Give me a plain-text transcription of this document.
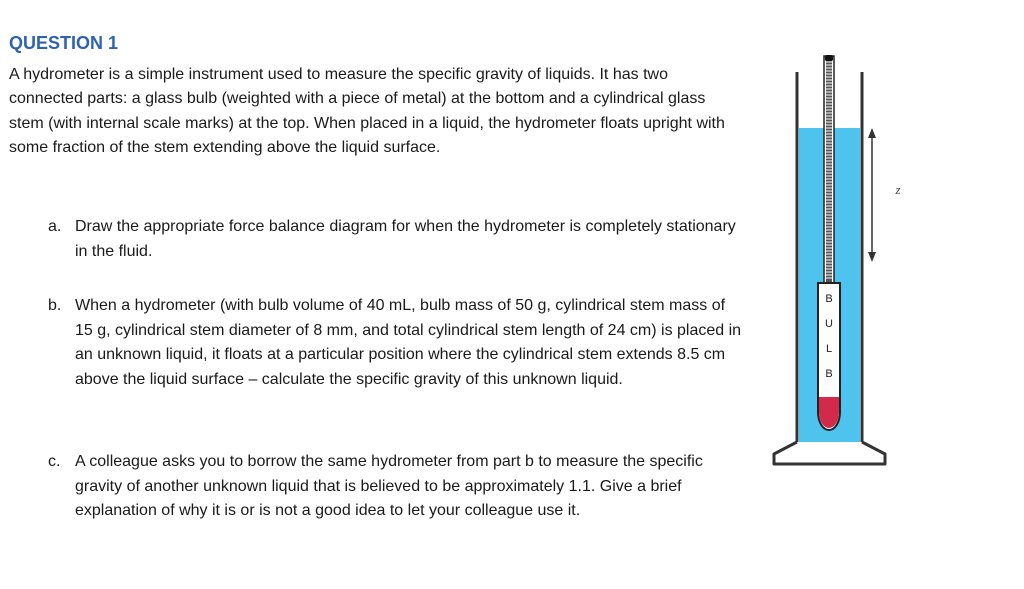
QUESTION 1
A hydrometer is a simple instrument used to measure the specific gravity of liquids. It has two connected parts: a glass bulb (weighted with a piece of metal) at the bottom and a cylindrical glass stem (with internal scale marks) at the top. When placed in a liquid, the hydrometer floats upright with some fraction of the stem extending above the liquid surface.
a. Draw the appropriate force balance diagram for when the hydrometer is completely stationary in the fluid.
b. When a hydrometer (with bulb volume of 40 mL, bulb mass of 50 g, cylindrical stem mass of 15 g, cylindrical stem diameter of 8 mm, and total cylindrical stem length of 24 cm) is placed in an unknown liquid, it floats at a particular position where the cylindrical stem extends 8.5 cm above the liquid surface – calculate the specific gravity of this unknown liquid.
c. A colleague asks you to borrow the same hydrometer from part b to measure the specific gravity of another unknown liquid that is believed to be approximately 1.1. Give a brief explanation of why it is or is not a good idea to let your colleague use it.
B
U
L
B
z
